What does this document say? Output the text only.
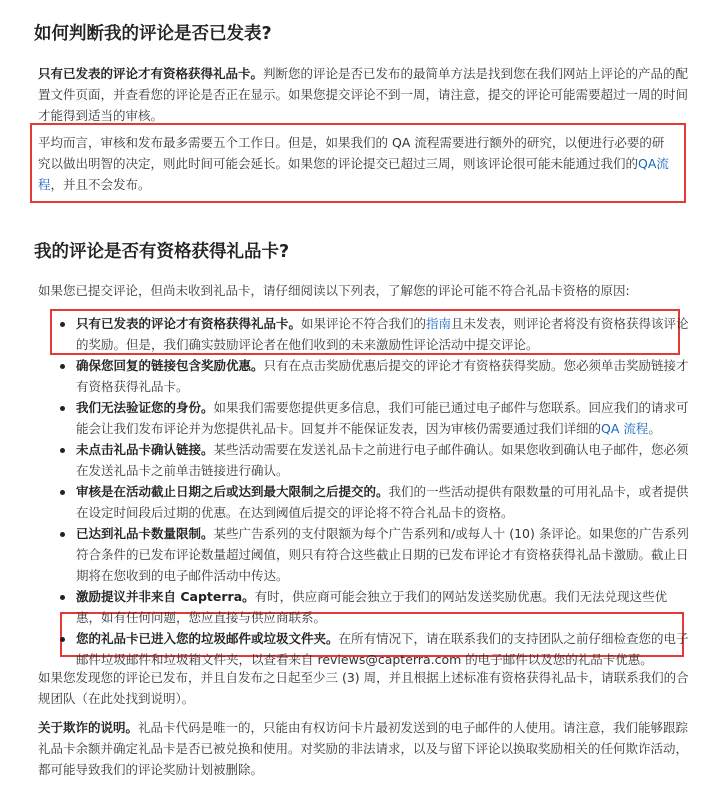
如何判断我的评论是否已发表?

只有已发表的评论才有资格获得礼品卡。判断您的评论是否已发布的最简单方法是找到您在我们网站上评论的产品的配置文件页面，并查看您的评论是否正在显示。如果您提交评论不到一周，请注意，提交的评论可能需要超过一周的时间才能得到适当的审核。

平均而言，审核和发布最多需要五个工作日。但是，如果我们的 QA 流程需要进行额外的研究，以便进行必要的研究以做出明智的决定，则此时间可能会延长。如果您的评论提交已超过三周，则该评论很可能未能通过我们的QA流程，并且不会发布。

我的评论是否有资格获得礼品卡?

如果您已提交评论，但尚未收到礼品卡，请仔细阅读以下列表，了解您的评论可能不符合礼品卡资格的原因:

只有已发表的评论才有资格获得礼品卡。如果评论不符合我们的指南且未发表，则评论者将没有资格获得该评论的奖励。但是，我们确实鼓励评论者在他们收到的未来激励性评论活动中提交评论。
确保您回复的链接包含奖励优惠。只有在点击奖励优惠后提交的评论才有资格获得奖励。您必须单击奖励链接才有资格获得礼品卡。
我们无法验证您的身份。如果我们需要您提供更多信息，我们可能已通过电子邮件与您联系。回应我们的请求可能会让我们发布评论并为您提供礼品卡。回复并不能保证发表，因为审核仍需要通过我们详细的QA 流程。
未点击礼品卡确认链接。某些活动需要在发送礼品卡之前进行电子邮件确认。如果您收到确认电子邮件，您必须在发送礼品卡之前单击链接进行确认。
审核是在活动截止日期之后或达到最大限制之后提交的。我们的一些活动提供有限数量的可用礼品卡，或者提供在设定时间段后过期的优惠。在达到阈值后提交的评论将不符合礼品卡的资格。
已达到礼品卡数量限制。某些广告系列的支付限额为每个广告系列和/或每人十 (10) 条评论。如果您的广告系列符合条件的已发布评论数量超过阈值，则只有符合这些截止日期的已发布评论才有资格获得礼品卡激励。截止日期将在您收到的电子邮件活动中传达。
激励提议并非来自 Capterra。有时，供应商可能会独立于我们的网站发送奖励优惠。我们无法兑现这些优惠，如有任何问题，您应直接与供应商联系。
您的礼品卡已进入您的垃圾邮件或垃圾文件夹。在所有情况下，请在联系我们的支持团队之前仔细检查您的电子邮件垃圾邮件和垃圾箱文件夹，以查看来自 reviews@capterra.com 的电子邮件以及您的礼品卡优惠。

如果您发现您的评论已发布，并且自发布之日起至少三 (3) 周，并且根据上述标准有资格获得礼品卡，请联系我们的合规团队（在此处找到说明）。

关于欺诈的说明。礼品卡代码是唯一的，只能由有权访问卡片最初发送到的电子邮件的人使用。请注意，我们能够跟踪礼品卡余额并确定礼品卡是否已被兑换和使用。对奖励的非法请求，以及与留下评论以换取奖励相关的任何欺诈活动，都可能导致我们的评论奖励计划被删除。
